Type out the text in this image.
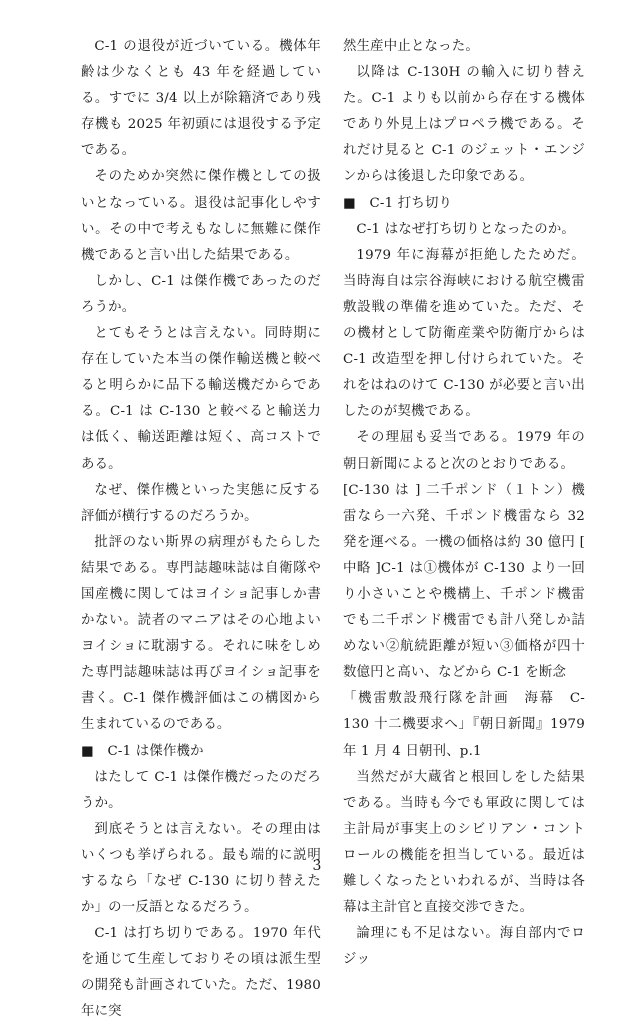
C-1 の退役が近づいている。機体年齢は少なくとも 43 年を経過している。すでに 3/4 以上が除籍済であり残存機も 2025 年初頭には退役する予定である。

そのためか突然に傑作機としての扱いとなっている。退役は記事化しやすい。その中で考えもなしに無難に傑作機であると言い出した結果である。

しかし、C-1 は傑作機であったのだろうか。

とてもそうとは言えない。同時期に存在していた本当の傑作輸送機と較べると明らかに品下る輸送機だからである。C-1 は C-130 と較べると輸送力は低く、輸送距離は短く、高コストである。

なぜ、傑作機といった実態に反する評価が横行するのだろうか。

批評のない斯界の病理がもたらした結果である。専門誌趣味誌は自衛隊や国産機に関してはヨイショ記事しか書かない。読者のマニアはその心地よいヨイショに耽溺する。それに味をしめた専門誌趣味誌は再びヨイショ記事を書く。C-1 傑作機評価はこの構図から生まれているのである。

■　C-1 は傑作機か

はたして C-1 は傑作機だったのだろうか。

到底そうとは言えない。その理由はいくつも挙げられる。最も端的に説明するなら「なぜ C-130 に切り替えたか」の一反語となるだろう。

C-1 は打ち切りである。1970 年代を通じて生産しておりその頃は派生型の開発も計画されていた。ただ、1980 年に突

然生産中止となった。

以降は C-130H の輸入に切り替えた。C-1 よりも以前から存在する機体であり外見上はプロペラ機である。それだけ見ると C-1 のジェット・エンジンからは後退した印象である。

■　C-1 打ち切り

C-1 はなぜ打ち切りとなったのか。

1979 年に海幕が拒絶したためだ。当時海自は宗谷海峡における航空機雷敷設戦の準備を進めていた。ただ、その機材として防衛産業や防衛庁からは C-1 改造型を押し付けられていた。それをはねのけて C-130 が必要と言い出したのが契機である。

その理屈も妥当である。1979 年の朝日新聞によると次のとおりである。

[C-130 は ] 二千ポンド（１トン）機雷なら一六発、千ポンド機雷なら 32 発を運べる。一機の価格は約 30 億円 [ 中略 ]C-1 は①機体が C-130 より一回り小さいことや機構上、千ポンド機雷でも二千ポンド機雷でも計八発しか詰めない②航続距離が短い③価格が四十数億円と高い、などから C-1 を断念

「機雷敷設飛行隊を計画　海幕　C-130 十二機要求へ」『朝日新聞』1979 年 1 月 4 日朝刊、p.1

当然だが大蔵省と根回しをした結果である。当時も今でも軍政に関しては主計局が事実上のシビリアン・コントロールの機能を担当している。最近は難しくなったといわれるが、当時は各幕は主計官と直接交渉できた。

論理にも不足はない。海自部内でロジッ

3
